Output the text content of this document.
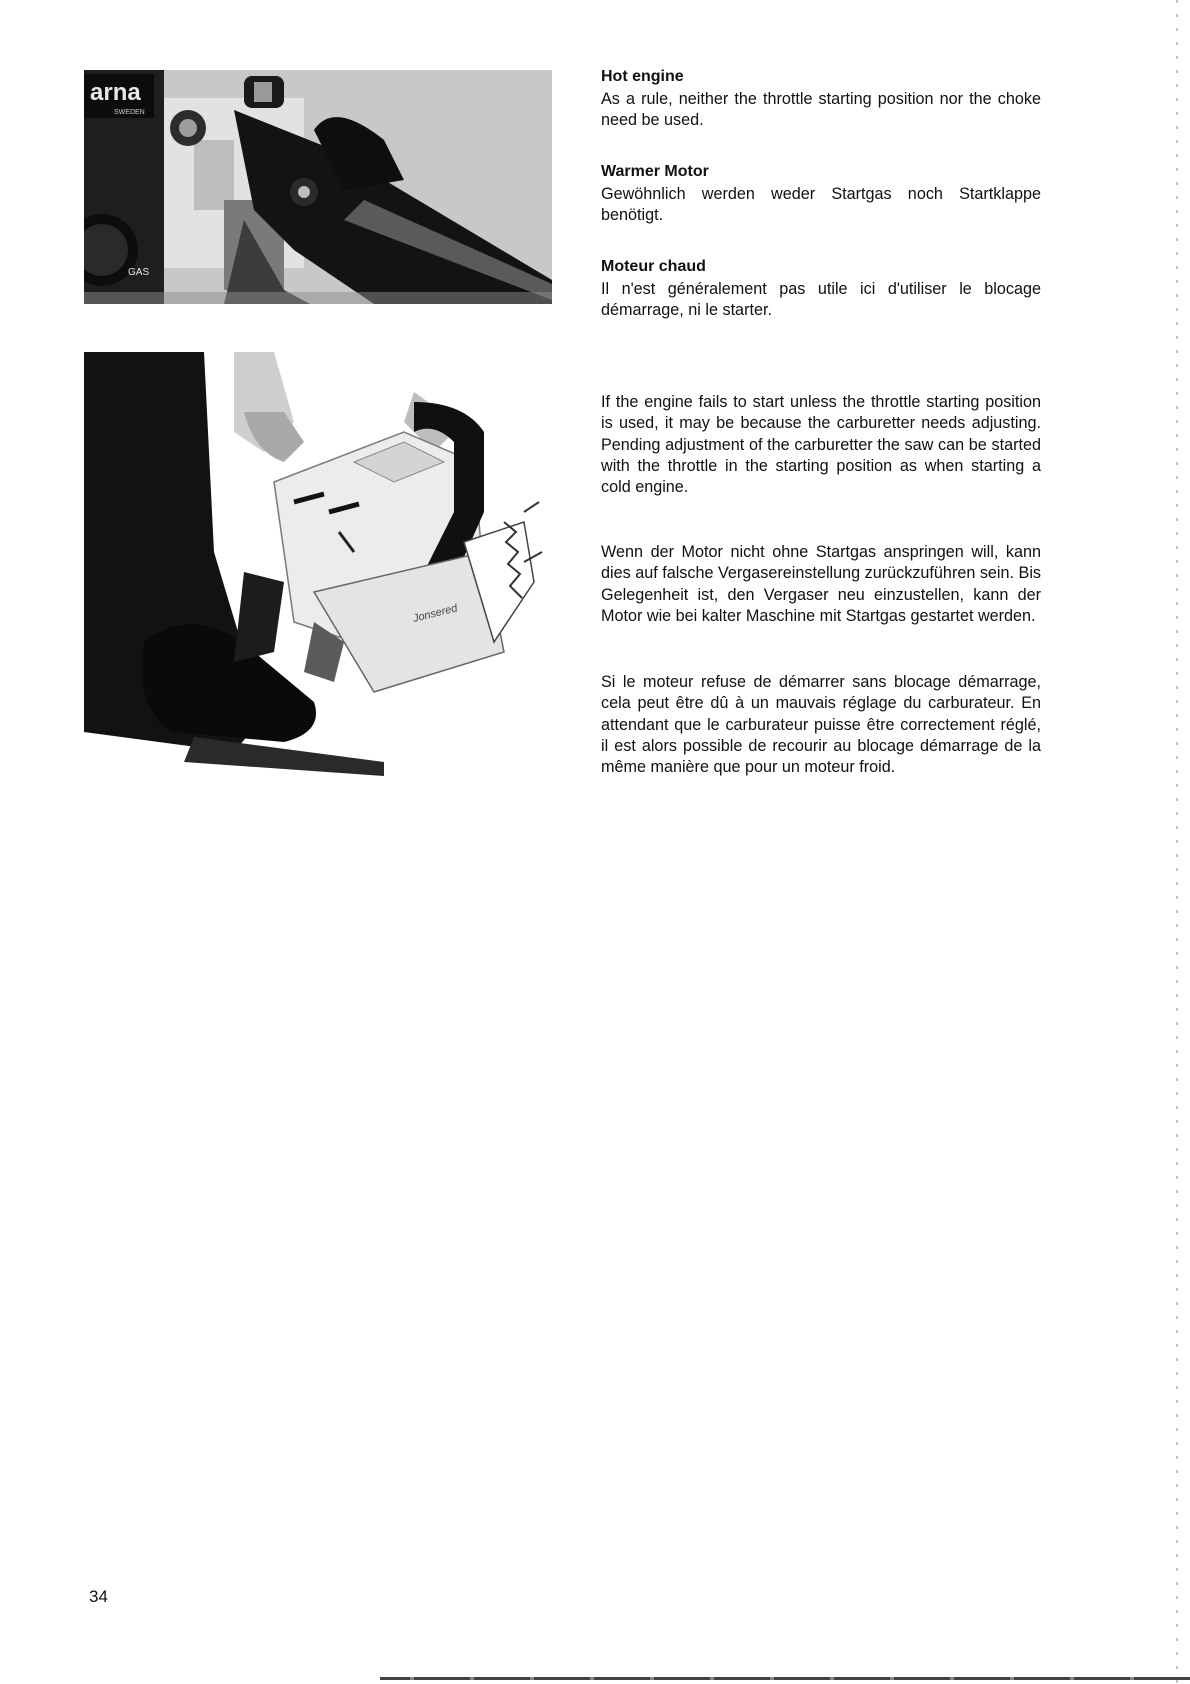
arna
SWEDEN
GAS
Jonsered

Hot engine

As a rule, neither the throttle starting position nor the choke need be used.

Warmer Motor

Gewöhnlich werden weder Startgas noch Startklappe benötigt.

Moteur chaud

Il n'est généralement pas utile ici d'utiliser le blocage démarrage, ni le starter.

If the engine fails to start unless the throttle starting position is used, it may be because the carburetter needs adjusting. Pending adjustment of the carburetter the saw can be started with the throttle in the starting position as when starting a cold engine.

Wenn der Motor nicht ohne Startgas anspringen will, kann dies auf falsche Vergasereinstellung zurückzuführen sein. Bis Gelegenheit ist, den Vergaser neu einzustellen, kann der Motor wie bei kalter Maschine mit Startgas gestartet werden.

Si le moteur refuse de démarrer sans blocage démarrage, cela peut être dû à un mauvais réglage du carburateur. En attendant que le carburateur puisse être correctement réglé, il est alors possible de recourir au blocage démarrage de la même manière que pour un moteur froid.

34
